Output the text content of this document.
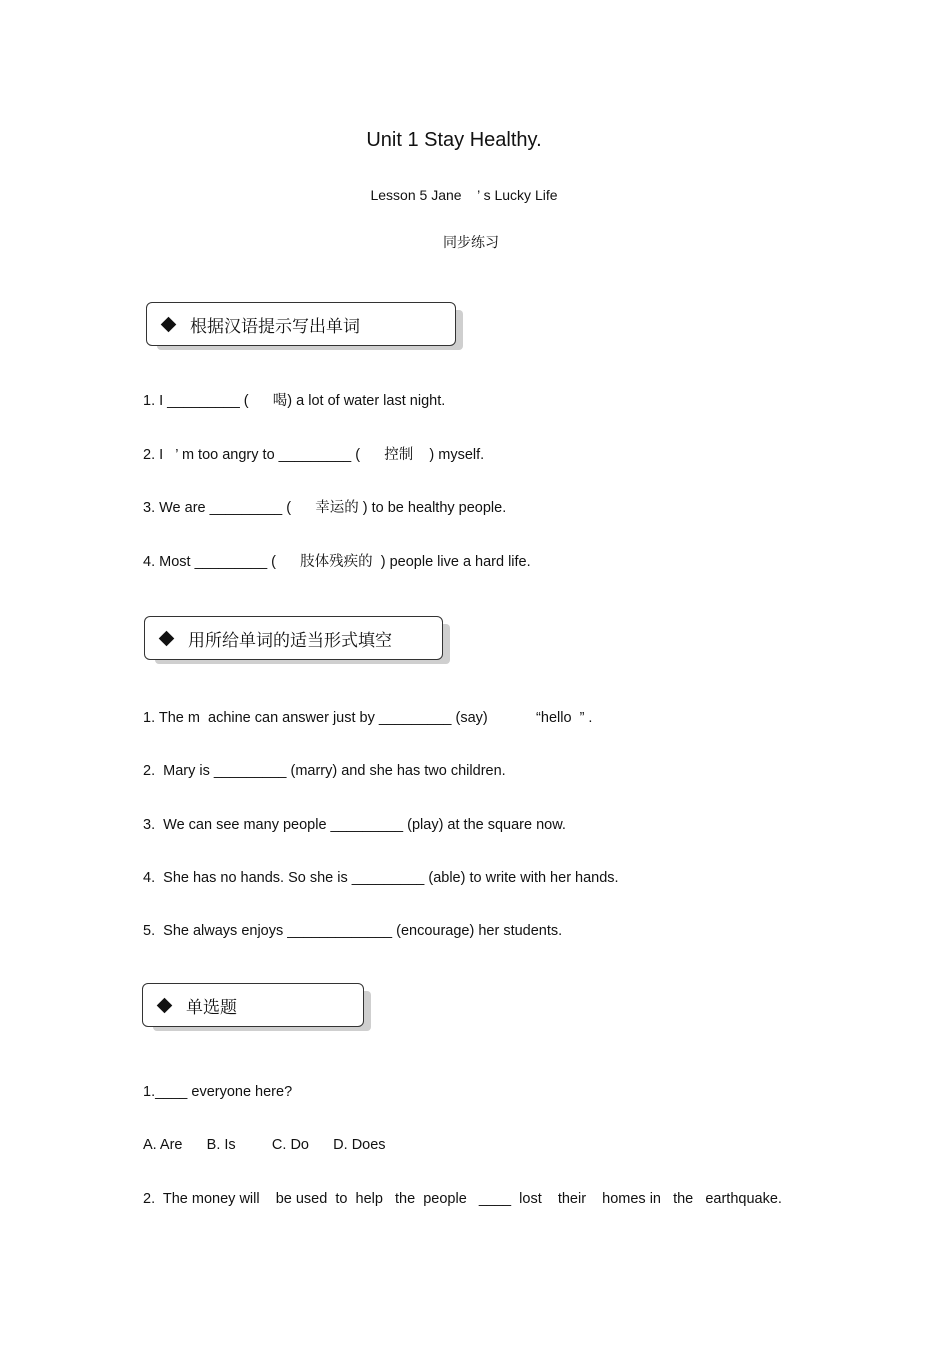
Unit 1 Stay Healthy.
Lesson 5 Jane    ’ s Lucky Life
同步练习
根据汉语提示写出单词
1. I _________ (      喝) a lot of water last night.
2. I   ’ m too angry to _________ (      控制    ) myself.
3. We are _________ (      幸运的 ) to be healthy people.
4. Most _________ (      肢体残疾的  ) people live a hard life.
用所给单词的适当形式填空
1. The m  achine can answer just by _________ (say)            “hello  ” .
2.  Mary is _________ (marry) and she has two children.
3.  We can see many people _________ (play) at the square now.
4.  She has no hands. So she is _________ (able) to write with her hands.
5.  She always enjoys _____________ (encourage) her students.
单选题
1.____ everyone here?
A. Are      B. Is         C. Do      D. Does
2.  The money will    be used  to  help   the  people   ____  lost    their    homes in   the   earthquake.
